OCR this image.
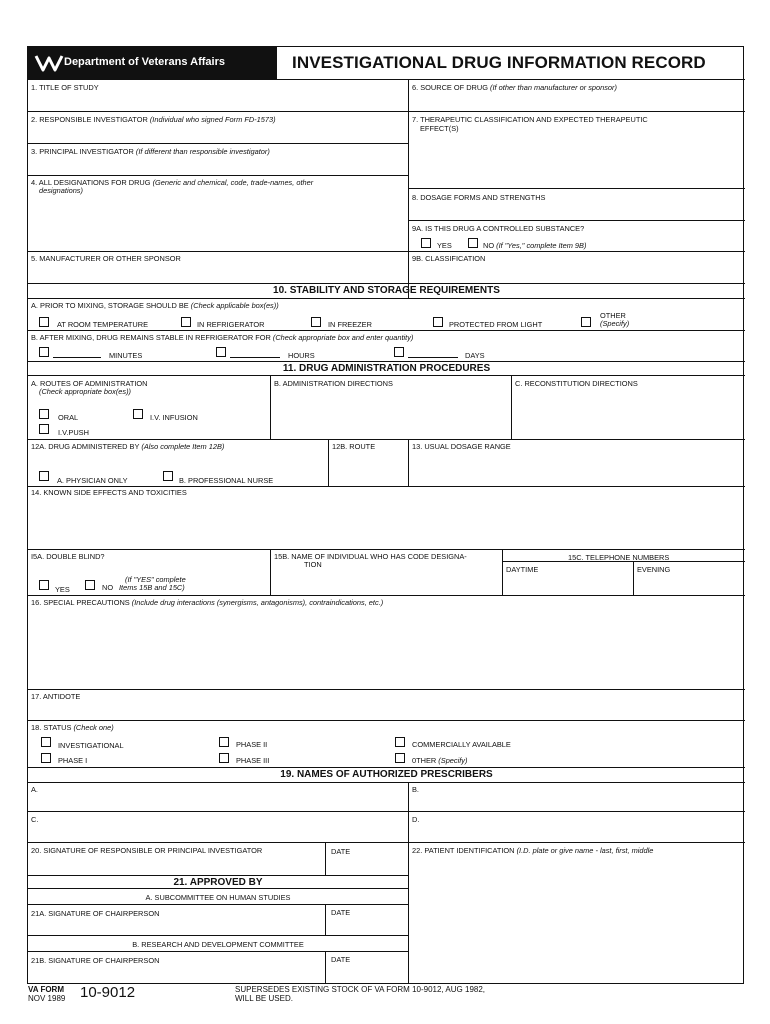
Department of Veterans Affairs	INVESTIGATIONAL DRUG INFORMATION RECORD
1. TITLE OF STUDY	6. SOURCE OF DRUG (If other than manufacturer or sponsor)
2. RESPONSIBLE INVESTIGATOR (Individual who signed Form FD-1573)	7. THERAPEUTIC CLASSIFICATION AND EXPECTED THERAPEUTIC
EFFECT(S)
3. PRINCIPAL INVESTIGATOR (If different than responsible investigator)
4. ALL DESIGNATIONS FOR DRUG (Generic and chemical, code, trade-names, other
designations)
8. DOSAGE FORMS AND STRENGTHS
9A. IS THIS DRUG A CONTROLLED SUBSTANCE?
YES	NO (If "Yes," complete Item 9B)
5. MANUFACTURER OR OTHER SPONSOR	9B. CLASSIFICATION
10. STABILITY AND STORAGE REQUIREMENTS
A. PRIOR TO MIXING, STORAGE SHOULD BE (Check applicable box(es))
AT ROOM TEMPERATURE	IN REFRIGERATOR	IN FREEZER	PROTECTED FROM LIGHT
OTHER
(Specify)
B. AFTER MIXING, DRUG REMAINS STABLE IN REFRIGERATOR FOR (Check appropriate box and enter quantity)
MINUTES	HOURS	DAYS
11. DRUG ADMINISTRATION PROCEDURES
A. ROUTES OF ADMINISTRATION
(Check appropriate box(es))
B. ADMINISTRATION DIRECTIONS	C. RECONSTITUTION DIRECTIONS
ORAL	I.V. INFUSION
I.V.PUSH
12A. DRUG ADMINISTERED BY (Also complete Item 12B)	12B. ROUTE	13. USUAL DOSAGE RANGE
A. PHYSICIAN ONLY	B. PROFESSIONAL NURSE
14. KNOWN SIDE EFFECTS AND TOXICITIES
I5A. DOUBLE BLIND?	15B. NAME OF INDIVIDUAL WHO HAS CODE DESIGNA-
TION
15C. TELEPHONE NUMBERS
DAYTIME	EVENING
YES	NO
(If "YES" complete
Items 15B and 15C)
16. SPECIAL PRECAUTIONS (Include drug interactions (synergisms, antagonisms), contraindications, etc.)
17. ANTIDOTE
18. STATUS (Check one)
INVESTIGATIONAL	PHASE II	COMMERCIALLY AVAILABLE
PHASE I	PHASE III	0THER (Specify)
19. NAMES OF AUTHORIZED PRESCRIBERS
A.	B.
C.	D.
20. SIGNATURE OF RESPONSIBLE OR PRINCIPAL INVESTIGATOR	DATE	22. PATIENT IDENTIFICATION (I.D. plate or give name - last, first, middle
21. APPROVED BY
A. SUBCOMMITTEE ON HUMAN STUDIES
21A. SIGNATURE OF CHAIRPERSON	DATE
B. RESEARCH AND DEVELOPMENT COMMITTEE
21B. SIGNATURE OF CHAIRPERSON	DATE
VA FORM
NOV 1989 10-9012	SUPERSEDES EXISTING STOCK OF VA FORM 10-9012, AUG 1982,
WILL BE USED.
